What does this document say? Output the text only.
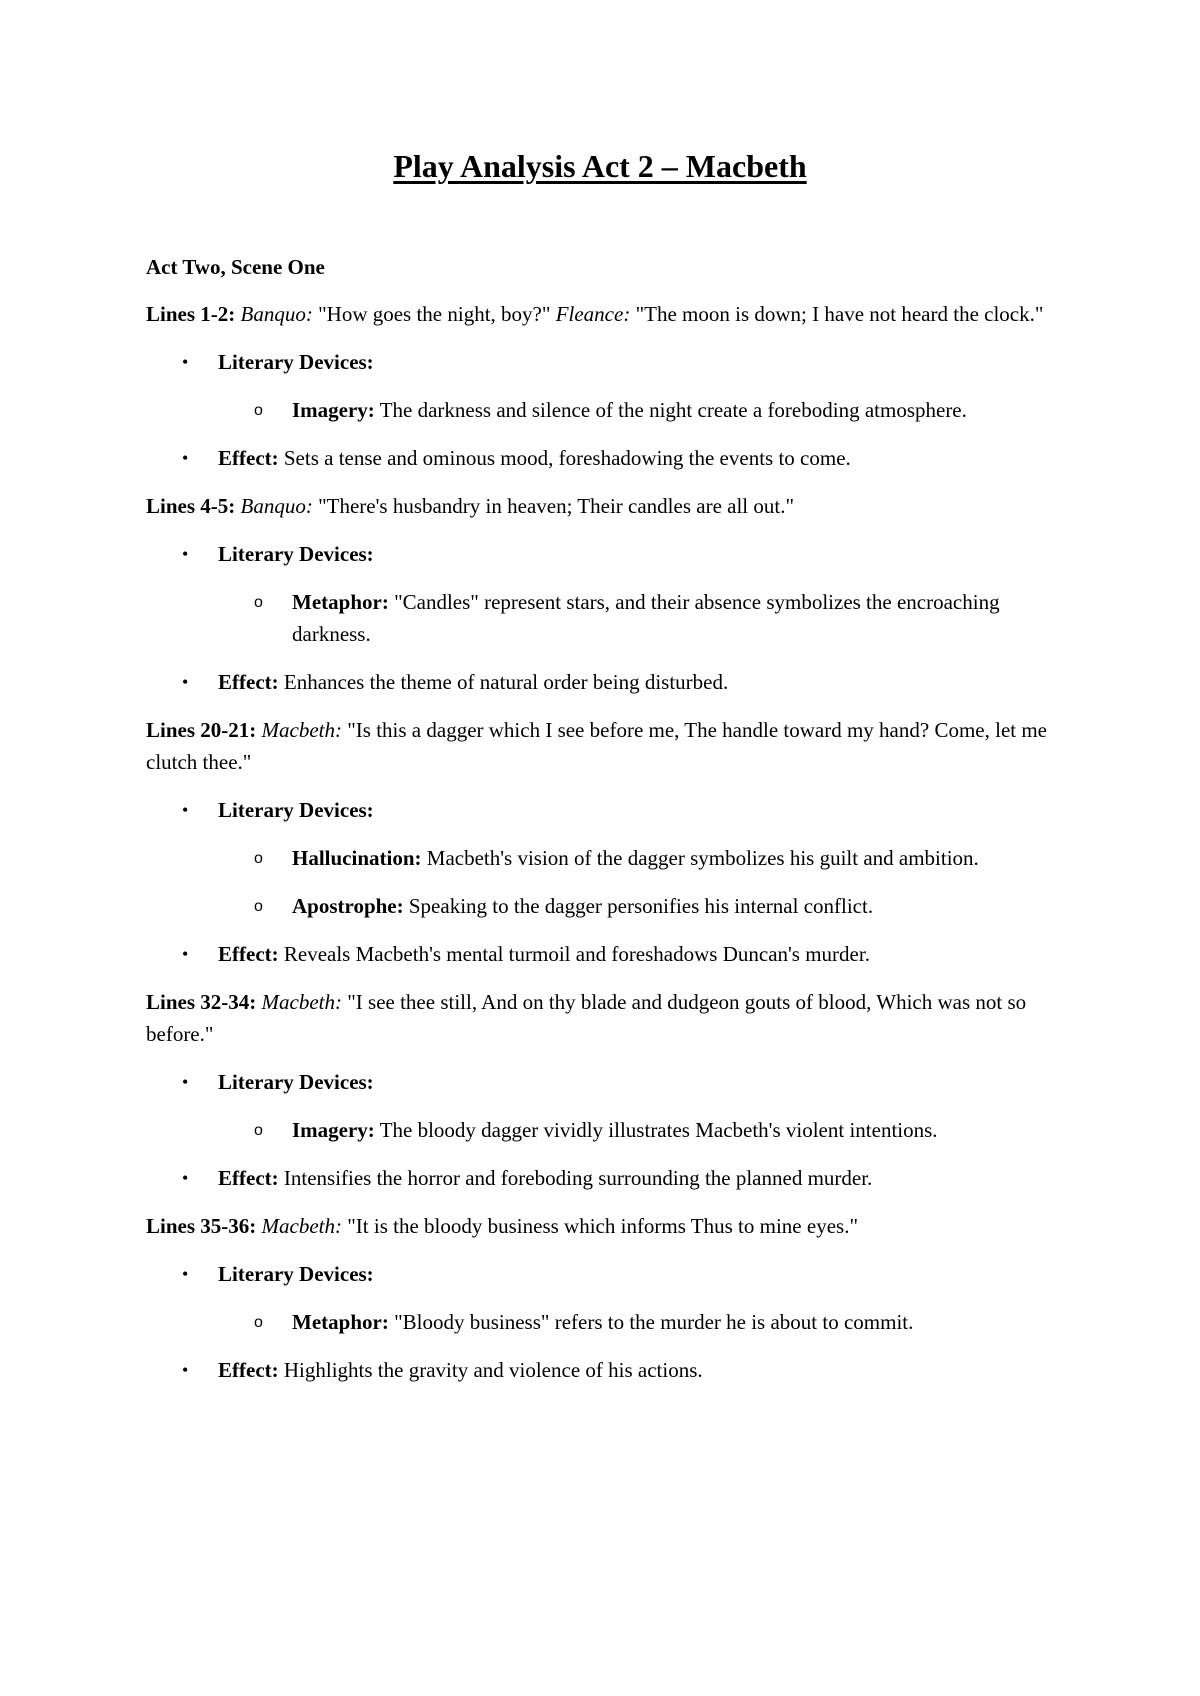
Play Analysis Act 2 – Macbeth
Act Two, Scene One

Lines 1-2: Banquo: "How goes the night, boy?" Fleance: "The moon is down; I have not heard the clock."

• Literary Devices:

o Imagery: The darkness and silence of the night create a foreboding atmosphere.

• Effect: Sets a tense and ominous mood, foreshadowing the events to come.

Lines 4-5: Banquo: "There's husbandry in heaven; Their candles are all out."

• Literary Devices:

o Metaphor: "Candles" represent stars, and their absence symbolizes the encroaching darkness.

• Effect: Enhances the theme of natural order being disturbed.

Lines 20-21: Macbeth: "Is this a dagger which I see before me, The handle toward my hand? Come, let me clutch thee."

• Literary Devices:

o Hallucination: Macbeth's vision of the dagger symbolizes his guilt and ambition.

o Apostrophe: Speaking to the dagger personifies his internal conflict.

• Effect: Reveals Macbeth's mental turmoil and foreshadows Duncan's murder.

Lines 32-34: Macbeth: "I see thee still, And on thy blade and dudgeon gouts of blood, Which was not so before."

• Literary Devices:

o Imagery: The bloody dagger vividly illustrates Macbeth's violent intentions.

• Effect: Intensifies the horror and foreboding surrounding the planned murder.

Lines 35-36: Macbeth: "It is the bloody business which informs Thus to mine eyes."

• Literary Devices:

o Metaphor: "Bloody business" refers to the murder he is about to commit.

• Effect: Highlights the gravity and violence of his actions.
